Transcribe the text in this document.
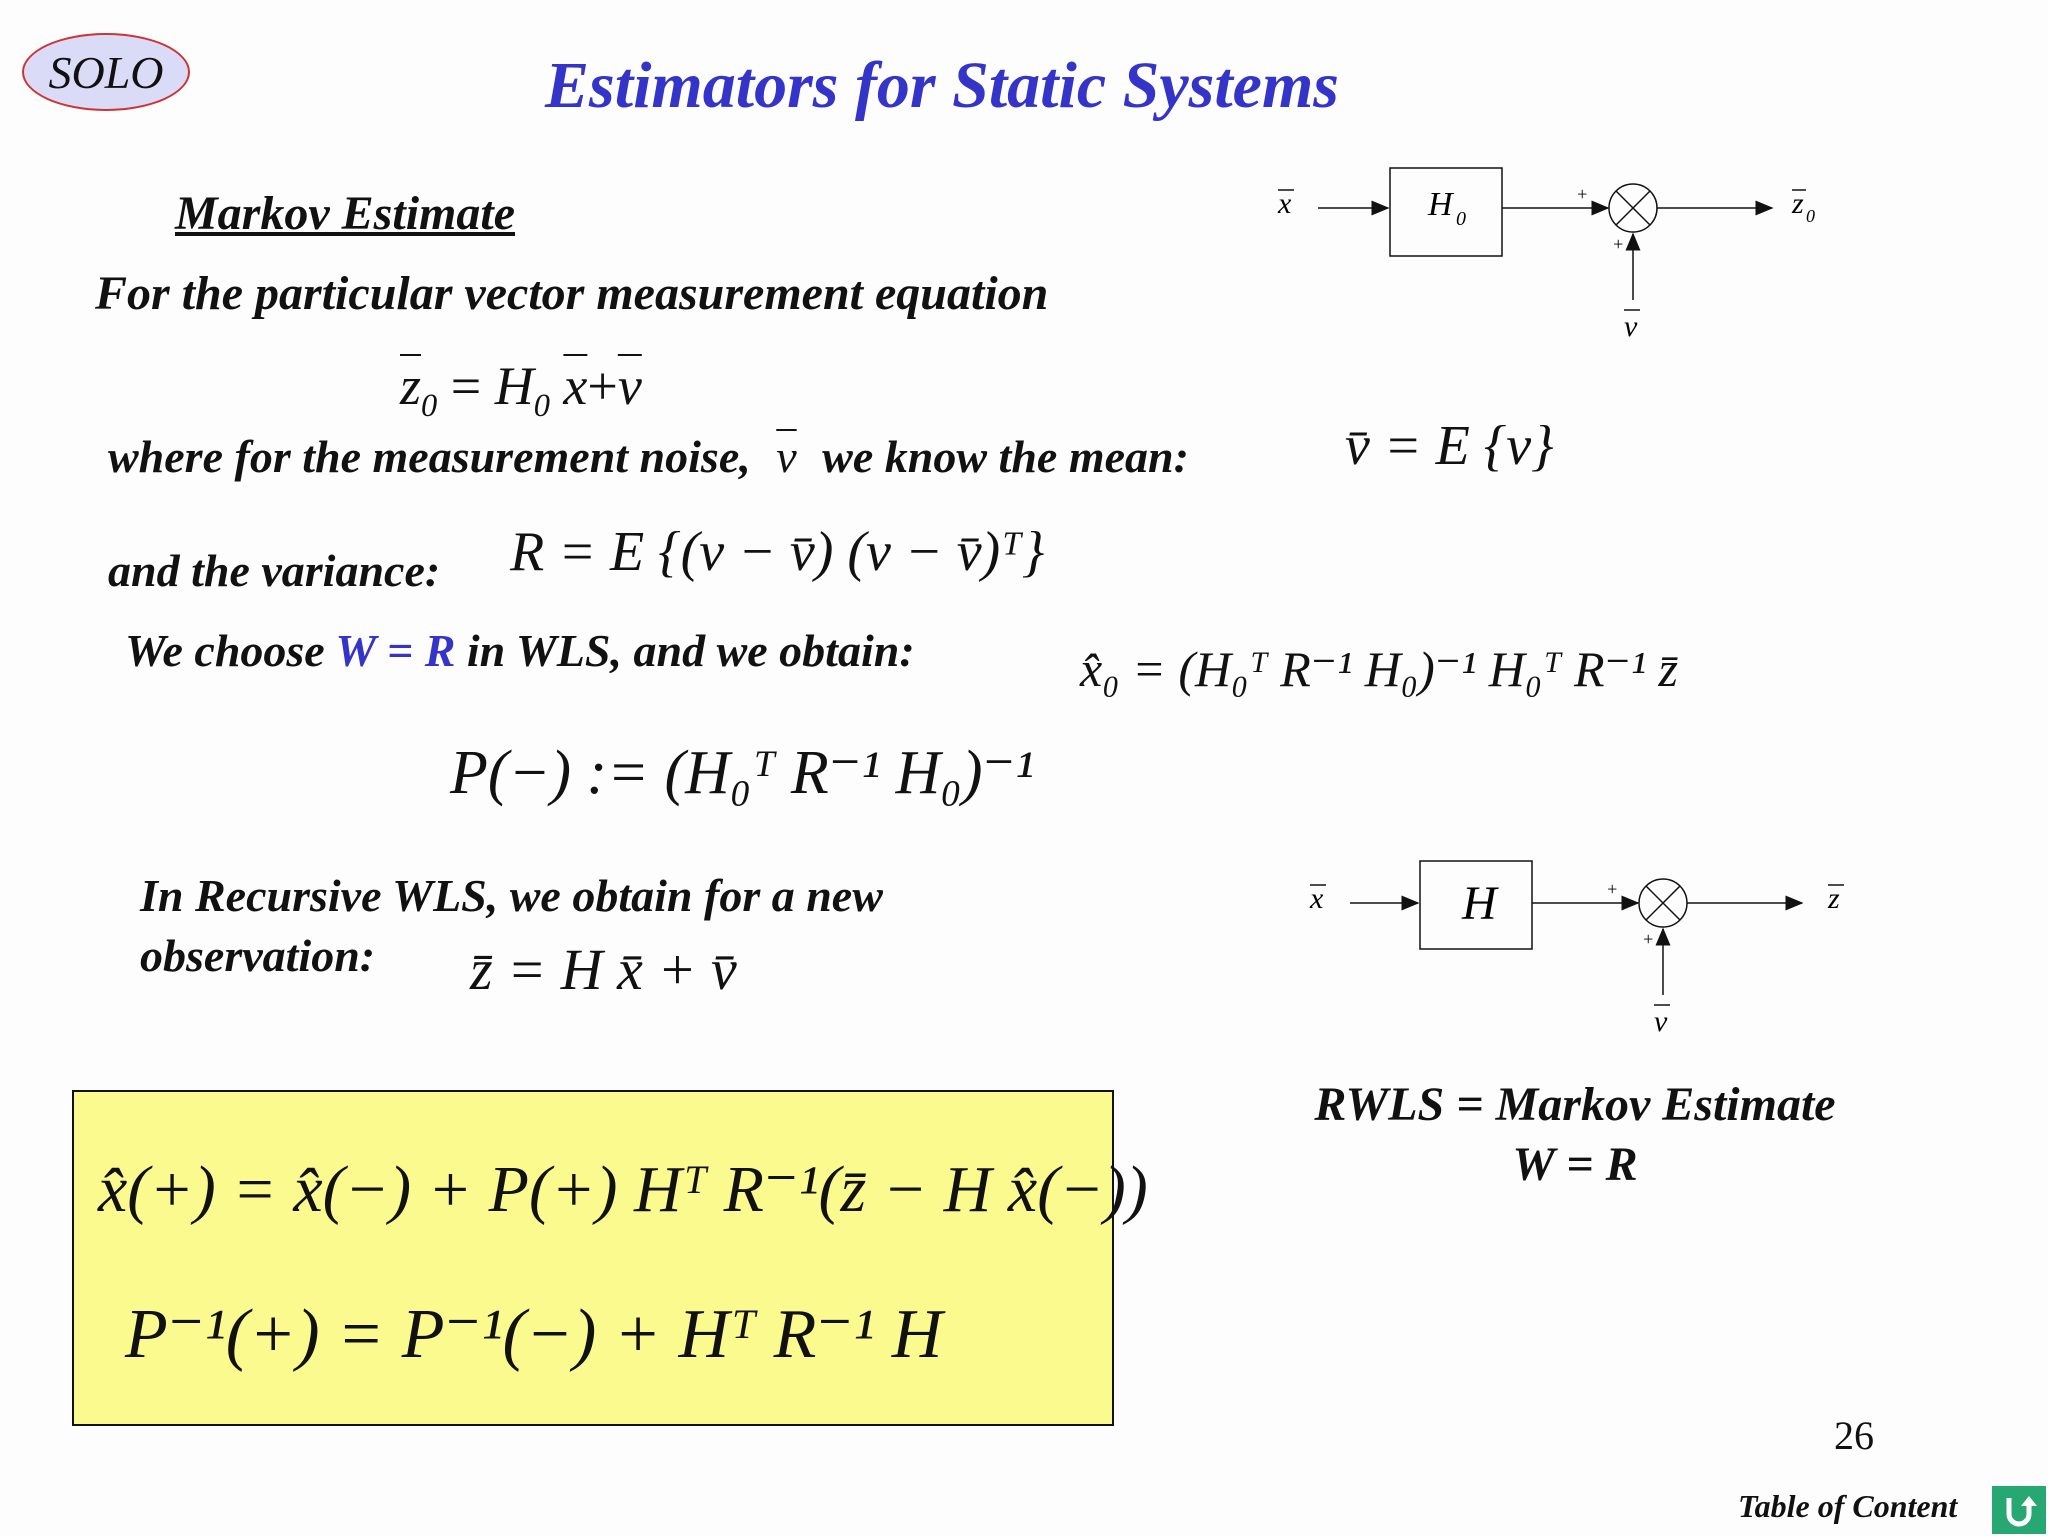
SOLO	Estimators for Static Systems
Markov Estimate
For the particular vector measurement equation
$\overline{z}_0 = H_0$ $\overline{x}+\overline{v}$
where for the measurement noise, $\overline{v}$ we know the mean:	v̄ = E {v}
and the variance: R = E {(v − v̄) (v − v̄)ᵀ}
We choose W = R in WLS, and we obtain:	x̂₀ = (H₀ᵀ R⁻¹ H₀)⁻¹ H₀ᵀ R⁻¹ z̄
P(−) := (H₀ᵀ R⁻¹ H₀)⁻¹
In Recursive WLS, we obtain for a new
observation:	z̄ = H x̄ + v̄
x̂(+) = x̂(−) + P(+) Hᵀ R⁻¹(z̄ − H x̂(−))
P⁻¹(+) = P⁻¹(−) + Hᵀ R⁻¹ H
RWLS = Markov Estimate
W = R
x	H 0
+
+
v
z 0
x	H	+
+
v
z
26
Table of Content
